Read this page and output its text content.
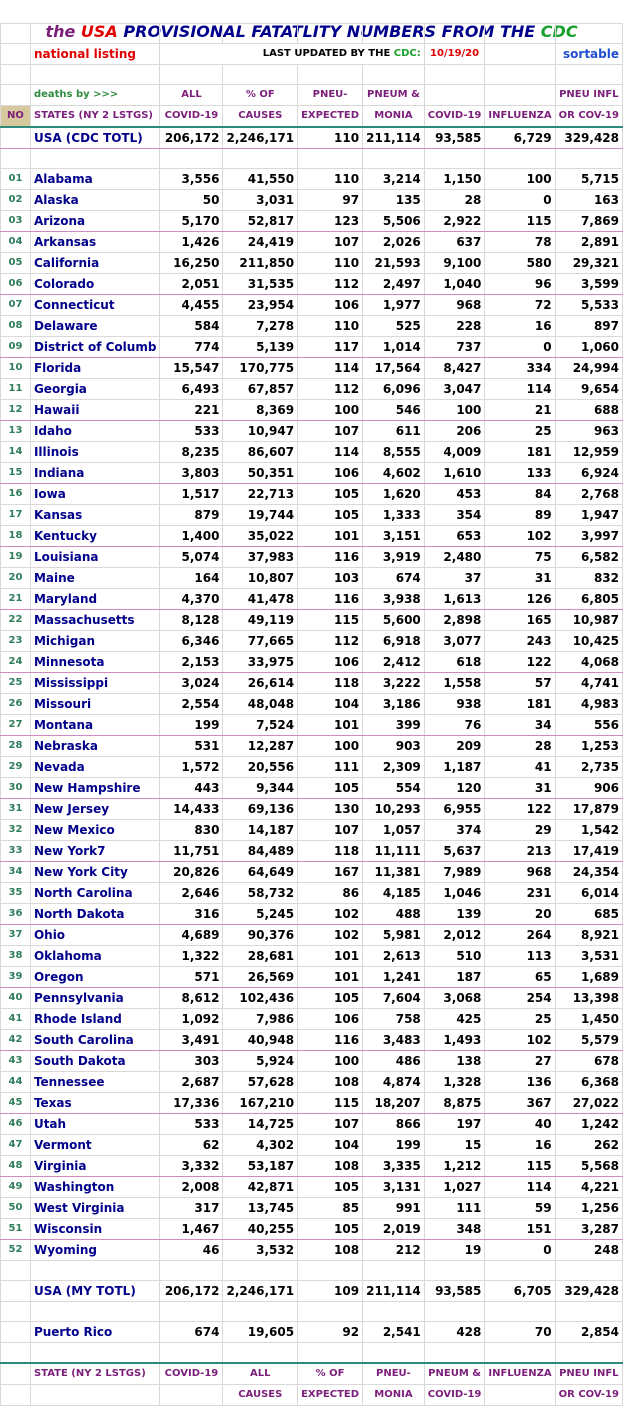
the USA PROVISIONAL FATATLITY NUMBERS FROM THE CDC

	national listing	LAST UPDATED BY THE CDC:				10/19/20		sortable

	deaths by >>>	ALL	% OF	PNEU-	PNEUM &			PNEU INFL
NO	STATES (NY 2 LSTGS)	COVID-19	CAUSES	EXPECTED	MONIA	COVID-19	INFLUENZA	OR COV-19
	USA (CDC TOTL)	206,172	2,246,171	110	211,114	93,585	6,729	329,428

01	Alabama	3,556	41,550	110	3,214	1,150	100	5,715
02	Alaska	50	3,031	97	135	28	0	163
03	Arizona	5,170	52,817	123	5,506	2,922	115	7,869
04	Arkansas	1,426	24,419	107	2,026	637	78	2,891
05	California	16,250	211,850	110	21,593	9,100	580	29,321
06	Colorado	2,051	31,535	112	2,497	1,040	96	3,599
07	Connecticut	4,455	23,954	106	1,977	968	72	5,533
08	Delaware	584	7,278	110	525	228	16	897
09	District of Columb	774	5,139	117	1,014	737	0	1,060
10	Florida	15,547	170,775	114	17,564	8,427	334	24,994
11	Georgia	6,493	67,857	112	6,096	3,047	114	9,654
12	Hawaii	221	8,369	100	546	100	21	688
13	Idaho	533	10,947	107	611	206	25	963
14	Illinois	8,235	86,607	114	8,555	4,009	181	12,959
15	Indiana	3,803	50,351	106	4,602	1,610	133	6,924
16	Iowa	1,517	22,713	105	1,620	453	84	2,768
17	Kansas	879	19,744	105	1,333	354	89	1,947
18	Kentucky	1,400	35,022	101	3,151	653	102	3,997
19	Louisiana	5,074	37,983	116	3,919	2,480	75	6,582
20	Maine	164	10,807	103	674	37	31	832
21	Maryland	4,370	41,478	116	3,938	1,613	126	6,805
22	Massachusetts	8,128	49,119	115	5,600	2,898	165	10,987
23	Michigan	6,346	77,665	112	6,918	3,077	243	10,425
24	Minnesota	2,153	33,975	106	2,412	618	122	4,068
25	Mississippi	3,024	26,614	118	3,222	1,558	57	4,741
26	Missouri	2,554	48,048	104	3,186	938	181	4,983
27	Montana	199	7,524	101	399	76	34	556
28	Nebraska	531	12,287	100	903	209	28	1,253
29	Nevada	1,572	20,556	111	2,309	1,187	41	2,735
30	New Hampshire	443	9,344	105	554	120	31	906
31	New Jersey	14,433	69,136	130	10,293	6,955	122	17,879
32	New Mexico	830	14,187	107	1,057	374	29	1,542
33	New York7	11,751	84,489	118	11,111	5,637	213	17,419
34	New York City	20,826	64,649	167	11,381	7,989	968	24,354
35	North Carolina	2,646	58,732	86	4,185	1,046	231	6,014
36	North Dakota	316	5,245	102	488	139	20	685
37	Ohio	4,689	90,376	102	5,981	2,012	264	8,921
38	Oklahoma	1,322	28,681	101	2,613	510	113	3,531
39	Oregon	571	26,569	101	1,241	187	65	1,689
40	Pennsylvania	8,612	102,436	105	7,604	3,068	254	13,398
41	Rhode Island	1,092	7,986	106	758	425	25	1,450
42	South Carolina	3,491	40,948	116	3,483	1,493	102	5,579
43	South Dakota	303	5,924	100	486	138	27	678
44	Tennessee	2,687	57,628	108	4,874	1,328	136	6,368
45	Texas	17,336	167,210	115	18,207	8,875	367	27,022
46	Utah	533	14,725	107	866	197	40	1,242
47	Vermont	62	4,302	104	199	15	16	262
48	Virginia	3,332	53,187	108	3,335	1,212	115	5,568
49	Washington	2,008	42,871	105	3,131	1,027	114	4,221
50	West Virginia	317	13,745	85	991	111	59	1,256
51	Wisconsin	1,467	40,255	105	2,019	348	151	3,287
52	Wyoming	46	3,532	108	212	19	0	248

	USA (MY TOTL)	206,172	2,246,171	109	211,114	93,585	6,705	329,428

	Puerto Rico	674	19,605	92	2,541	428	70	2,854

	STATE (NY 2 LSTGS)	COVID-19	ALL	% OF	PNEU-	PNEUM &	INFLUENZA	PNEU INFL
			CAUSES	EXPECTED	MONIA	COVID-19		OR COV-19
